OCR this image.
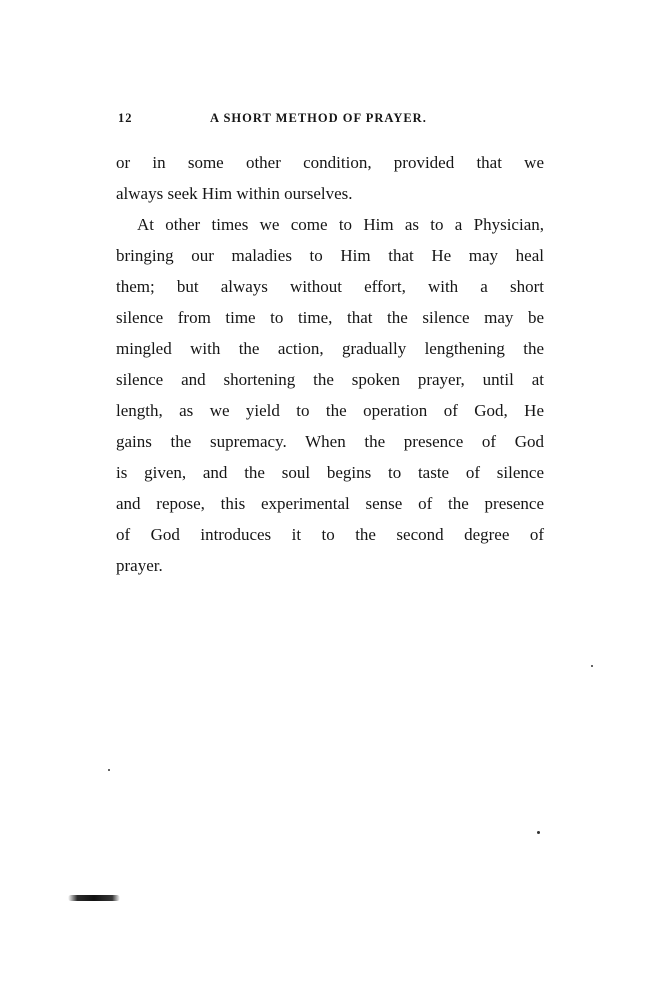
12	A SHORT METHOD OF PRAYER.
or in some other condition, provided that we
always seek Him within ourselves.
At other times we come to Him as to a Physician,
bringing our maladies to Him that He may heal
them; but always without effort, with a short
silence from time to time, that the silence may be
mingled with the action, gradually lengthening the
silence and shortening the spoken prayer, until at
length, as we yield to the operation of God, He
gains the supremacy. When the presence of God
is given, and the soul begins to taste of silence
and repose, this experimental sense of the presence
of God introduces it to the second degree of
prayer.
